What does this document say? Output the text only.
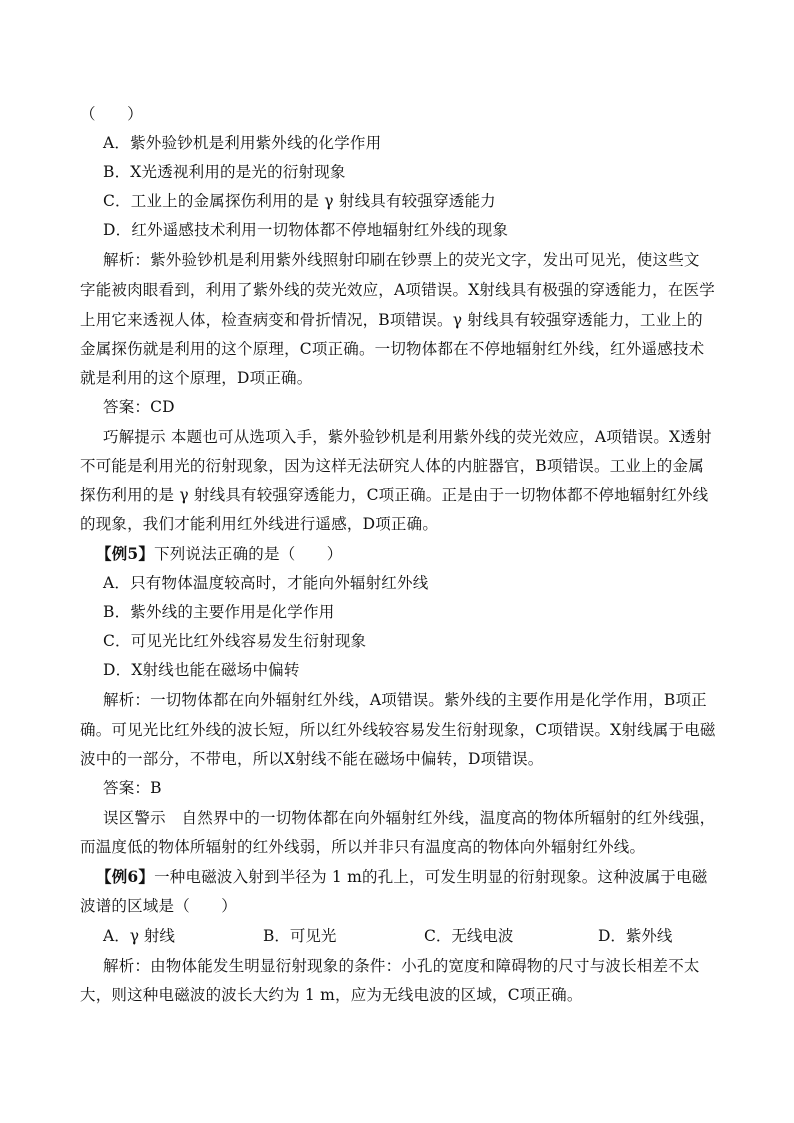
（　　）
A．紫外验钞机是利用紫外线的化学作用
B．X光透视利用的是光的衍射现象
C．工业上的金属探伤利用的是 γ 射线具有较强穿透能力
D．红外遥感技术利用一切物体都不停地辐射红外线的现象
解析：紫外验钞机是利用紫外线照射印刷在钞票上的荧光文字，发出可见光，使这些文
字能被肉眼看到，利用了紫外线的荧光效应，A项错误。X射线具有极强的穿透能力，在医学
上用它来透视人体，检查病变和骨折情况，B项错误。γ 射线具有较强穿透能力，工业上的
金属探伤就是利用的这个原理，C项正确。一切物体都在不停地辐射红外线，红外遥感技术
就是利用的这个原理，D项正确。
答案：CD
巧解提示 本题也可从选项入手，紫外验钞机是利用紫外线的荧光效应，A项错误。X透射
不可能是利用光的衍射现象，因为这样无法研究人体的内脏器官，B项错误。工业上的金属
探伤利用的是 γ 射线具有较强穿透能力，C项正确。正是由于一切物体都不停地辐射红外线
的现象，我们才能利用红外线进行遥感，D项正确。
【例5】下列说法正确的是（　　）
A．只有物体温度较高时，才能向外辐射红外线
B．紫外线的主要作用是化学作用
C．可见光比红外线容易发生衍射现象
D．X射线也能在磁场中偏转
解析：一切物体都在向外辐射红外线，A项错误。紫外线的主要作用是化学作用，B项正
确。可见光比红外线的波长短，所以红外线较容易发生衍射现象，C项错误。X射线属于电磁
波中的一部分，不带电，所以X射线不能在磁场中偏转，D项错误。
答案：B
误区警示　自然界中的一切物体都在向外辐射红外线，温度高的物体所辐射的红外线强，
而温度低的物体所辐射的红外线弱，所以并非只有温度高的物体向外辐射红外线。
【例6】一种电磁波入射到半径为 1 m的孔上，可发生明显的衍射现象。这种波属于电磁
波谱的区域是（　　）
A．γ 射线	B．可见光	C．无线电波	D．紫外线
解析：由物体能发生明显衍射现象的条件：小孔的宽度和障碍物的尺寸与波长相差不太
大，则这种电磁波的波长大约为 1 m，应为无线电波的区域，C项正确。
